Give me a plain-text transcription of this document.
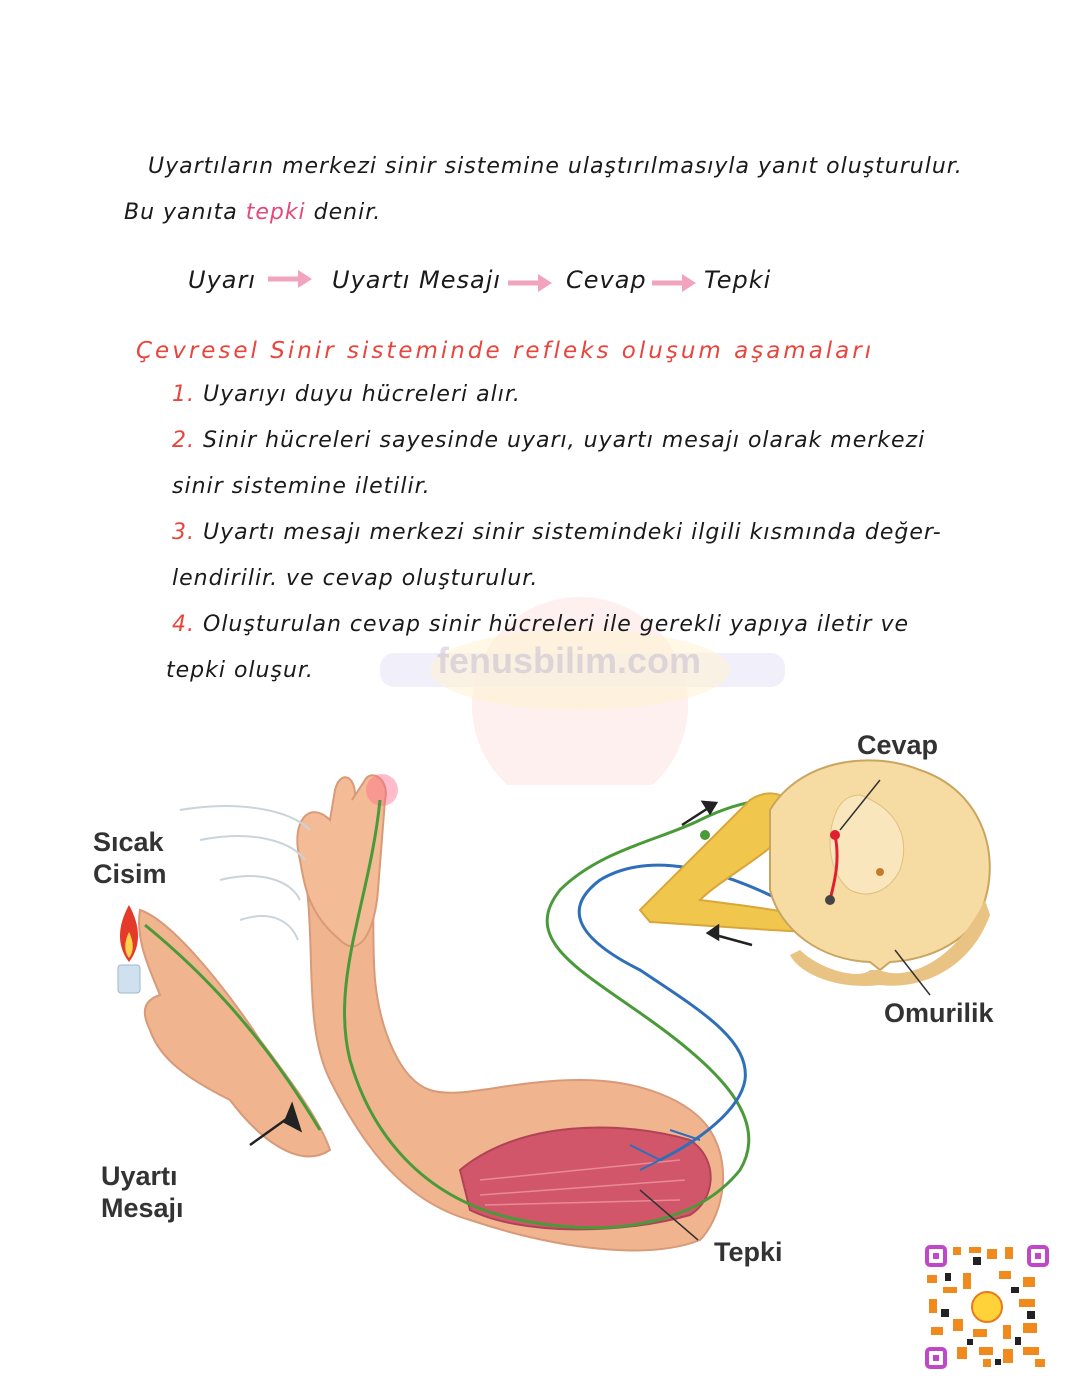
Uyartıların merkezi sinir sistemine ulaştırılmasıyla yanıt oluşturulur.
Bu yanıta tepki denir.
Uyarı	Uyartı Mesajı	Cevap Tepki
fenusbilim.com
Çevresel Sinir sisteminde refleks oluşum aşamaları
1. Uyarıyı duyu hücreleri alır.
2. Sinir hücreleri sayesinde uyarı, uyartı mesajı olarak merkezi
sinir sistemine iletilir.
3. Uyartı mesajı merkezi sinir sistemindeki ilgili kısmında değer-
lendirilir. ve cevap oluşturulur.
4. Oluşturulan cevap sinir hücreleri ile gerekli yapıya iletir ve
tepki oluşur.
Sıcak
Cisim
Uyartı
Mesajı
Cevap
Omurilik
Tepki
